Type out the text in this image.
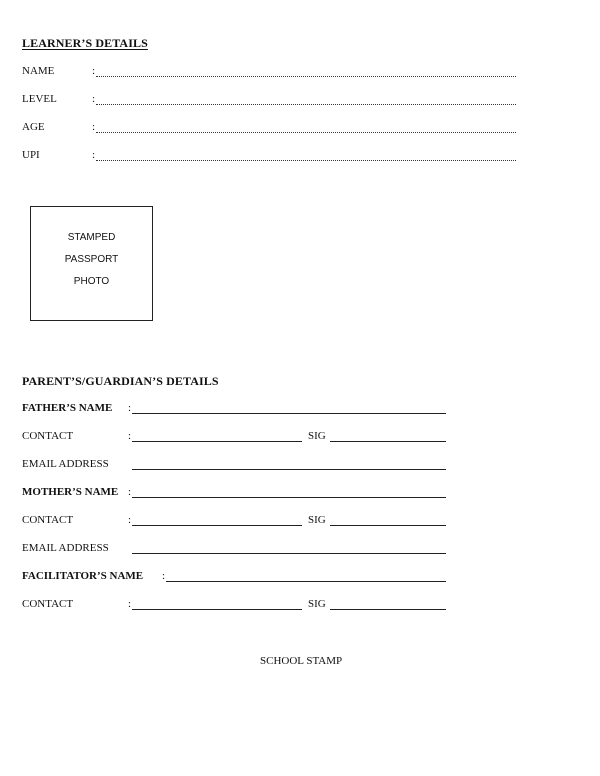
LEARNER’S DETAILS
NAME	:
LEVEL	:
AGE	:
UPI	:
STAMPED
PASSPORT
PHOTO
PARENT’S/GUARDIAN’S DETAILS
FATHER’S NAME :
CONTACT	:	SIG
EMAIL ADDRESS
MOTHER’S NAME :
CONTACT	:	SIG
EMAIL ADDRESS
FACILITATOR’S NAME :
CONTACT	:	SIG
SCHOOL STAMP
